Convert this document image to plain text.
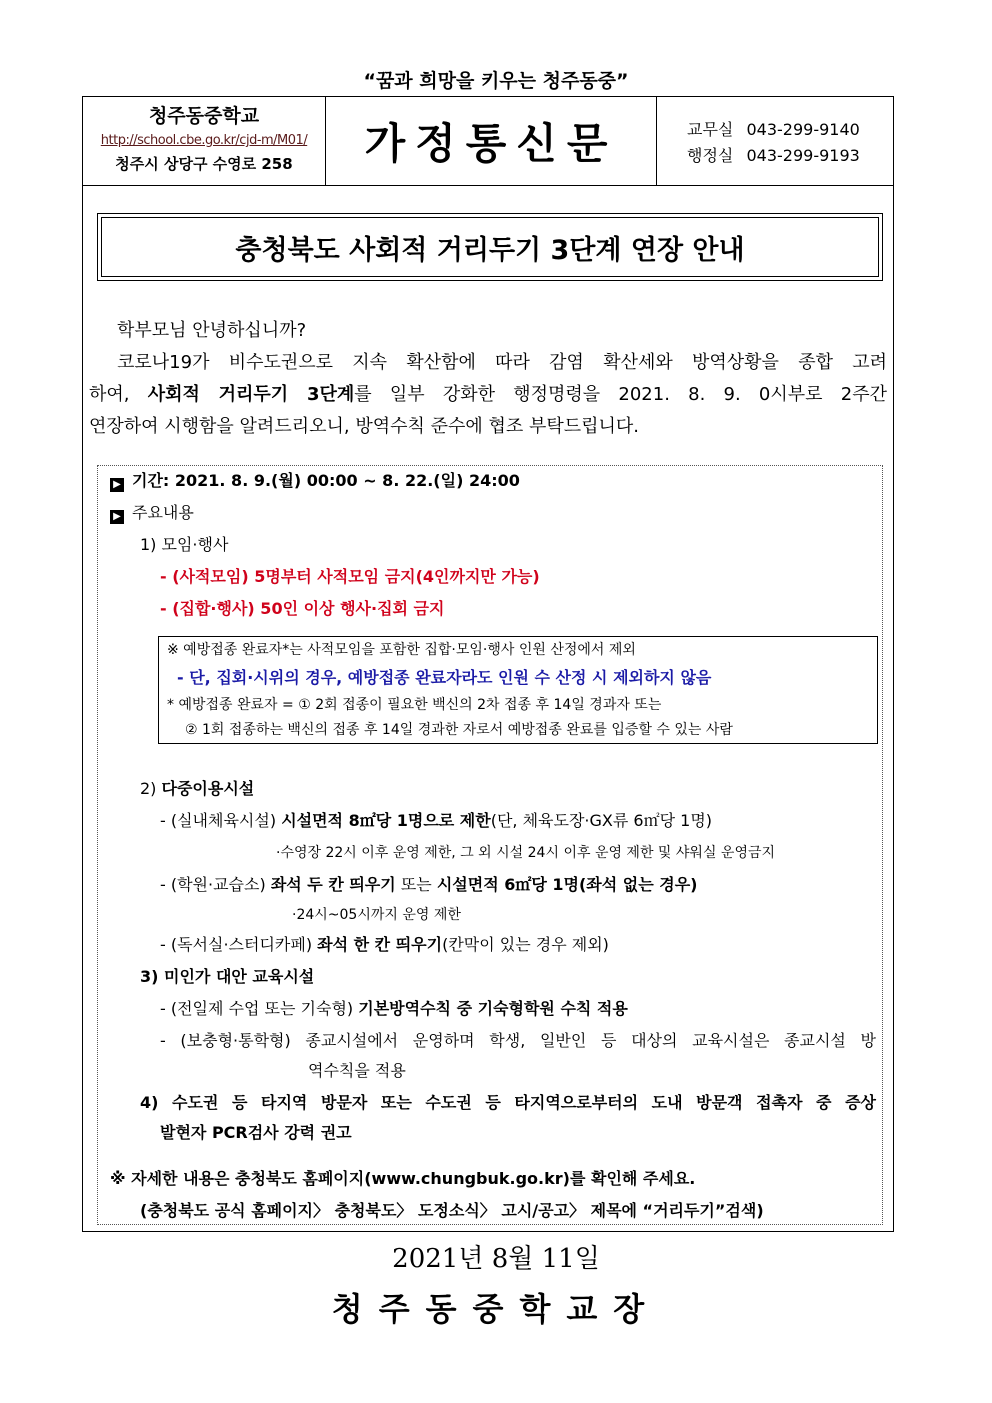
“꿈과 희망을 키우는 청주동중”
청주동중학교
http://school.cbe.go.kr/cjd-m/M01/
청주시 상당구 수영로 258	가정통신문	교무실 043-299-9140
행정실 043-299-9193
충청북도 사회적 거리두기 3단계 연장 안내

학부모님 안녕하십니까?

코로나19가 비수도권으로 지속 확산함에 따라 감염 확산세와 방역상황을 종합 고려

하여, 사회적 거리두기 3단계를 일부 강화한 행정명령을 2021. 8. 9. 0시부로 2주간

연장하여 시행함을 알려드리오니, 방역수칙 준수에 협조 부탁드립니다.

▶ 기간: 2021. 8. 9.(월) 00:00 ~ 8. 22.(일) 24:00
▶ 주요내용
1) 모임·행사
- (사적모임) 5명부터 사적모임 금지(4인까지만 가능)
- (집합·행사) 50인 이상 행사·집회 금지
※ 예방접종 완료자*는 사적모임을 포함한 집합·모임·행사 인원 산정에서 제외
- 단, 집회·시위의 경우, 예방접종 완료자라도 인원 수 산정 시 제외하지 않음
* 예방접종 완료자 = ① 2회 접종이 필요한 백신의 2차 접종 후 14일 경과자 또는
② 1회 접종하는 백신의 접종 후 14일 경과한 자로서 예방접종 완료를 입증할 수 있는 사람
2) 다중이용시설
- (실내체육시설) 시설면적 8㎡당 1명으로 제한(단, 체육도장·GX류 6㎡당 1명)
·수영장 22시 이후 운영 제한, 그 외 시설 24시 이후 운영 제한 및 샤워실 운영금지
- (학원·교습소) 좌석 두 칸 띄우기 또는 시설면적 6㎡당 1명(좌석 없는 경우)
·24시~05시까지 운영 제한
- (독서실·스터디카페) 좌석 한 칸 띄우기(칸막이 있는 경우 제외)
3) 미인가 대안 교육시설
- (전일제 수업 또는 기숙형) 기본방역수칙 중 기숙형학원 수칙 적용
- (보충형·통학형) 종교시설에서 운영하며 학생, 일반인 등 대상의 교육시설은 종교시설 방
역수칙을 적용
4) 수도권 등 타지역 방문자 또는 수도권 등 타지역으로부터의 도내 방문객 접촉자 중 증상
발현자 PCR검사 강력 권고
※ 자세한 내용은 충청북도 홈페이지(www.chungbuk.go.kr)를 확인해 주세요.
(충청북도 공식 홈페이지〉 충청북도〉 도정소식〉 고시/공고〉 제목에 “거리두기”검색)
2021년 8월 11일
청주동중학교장
